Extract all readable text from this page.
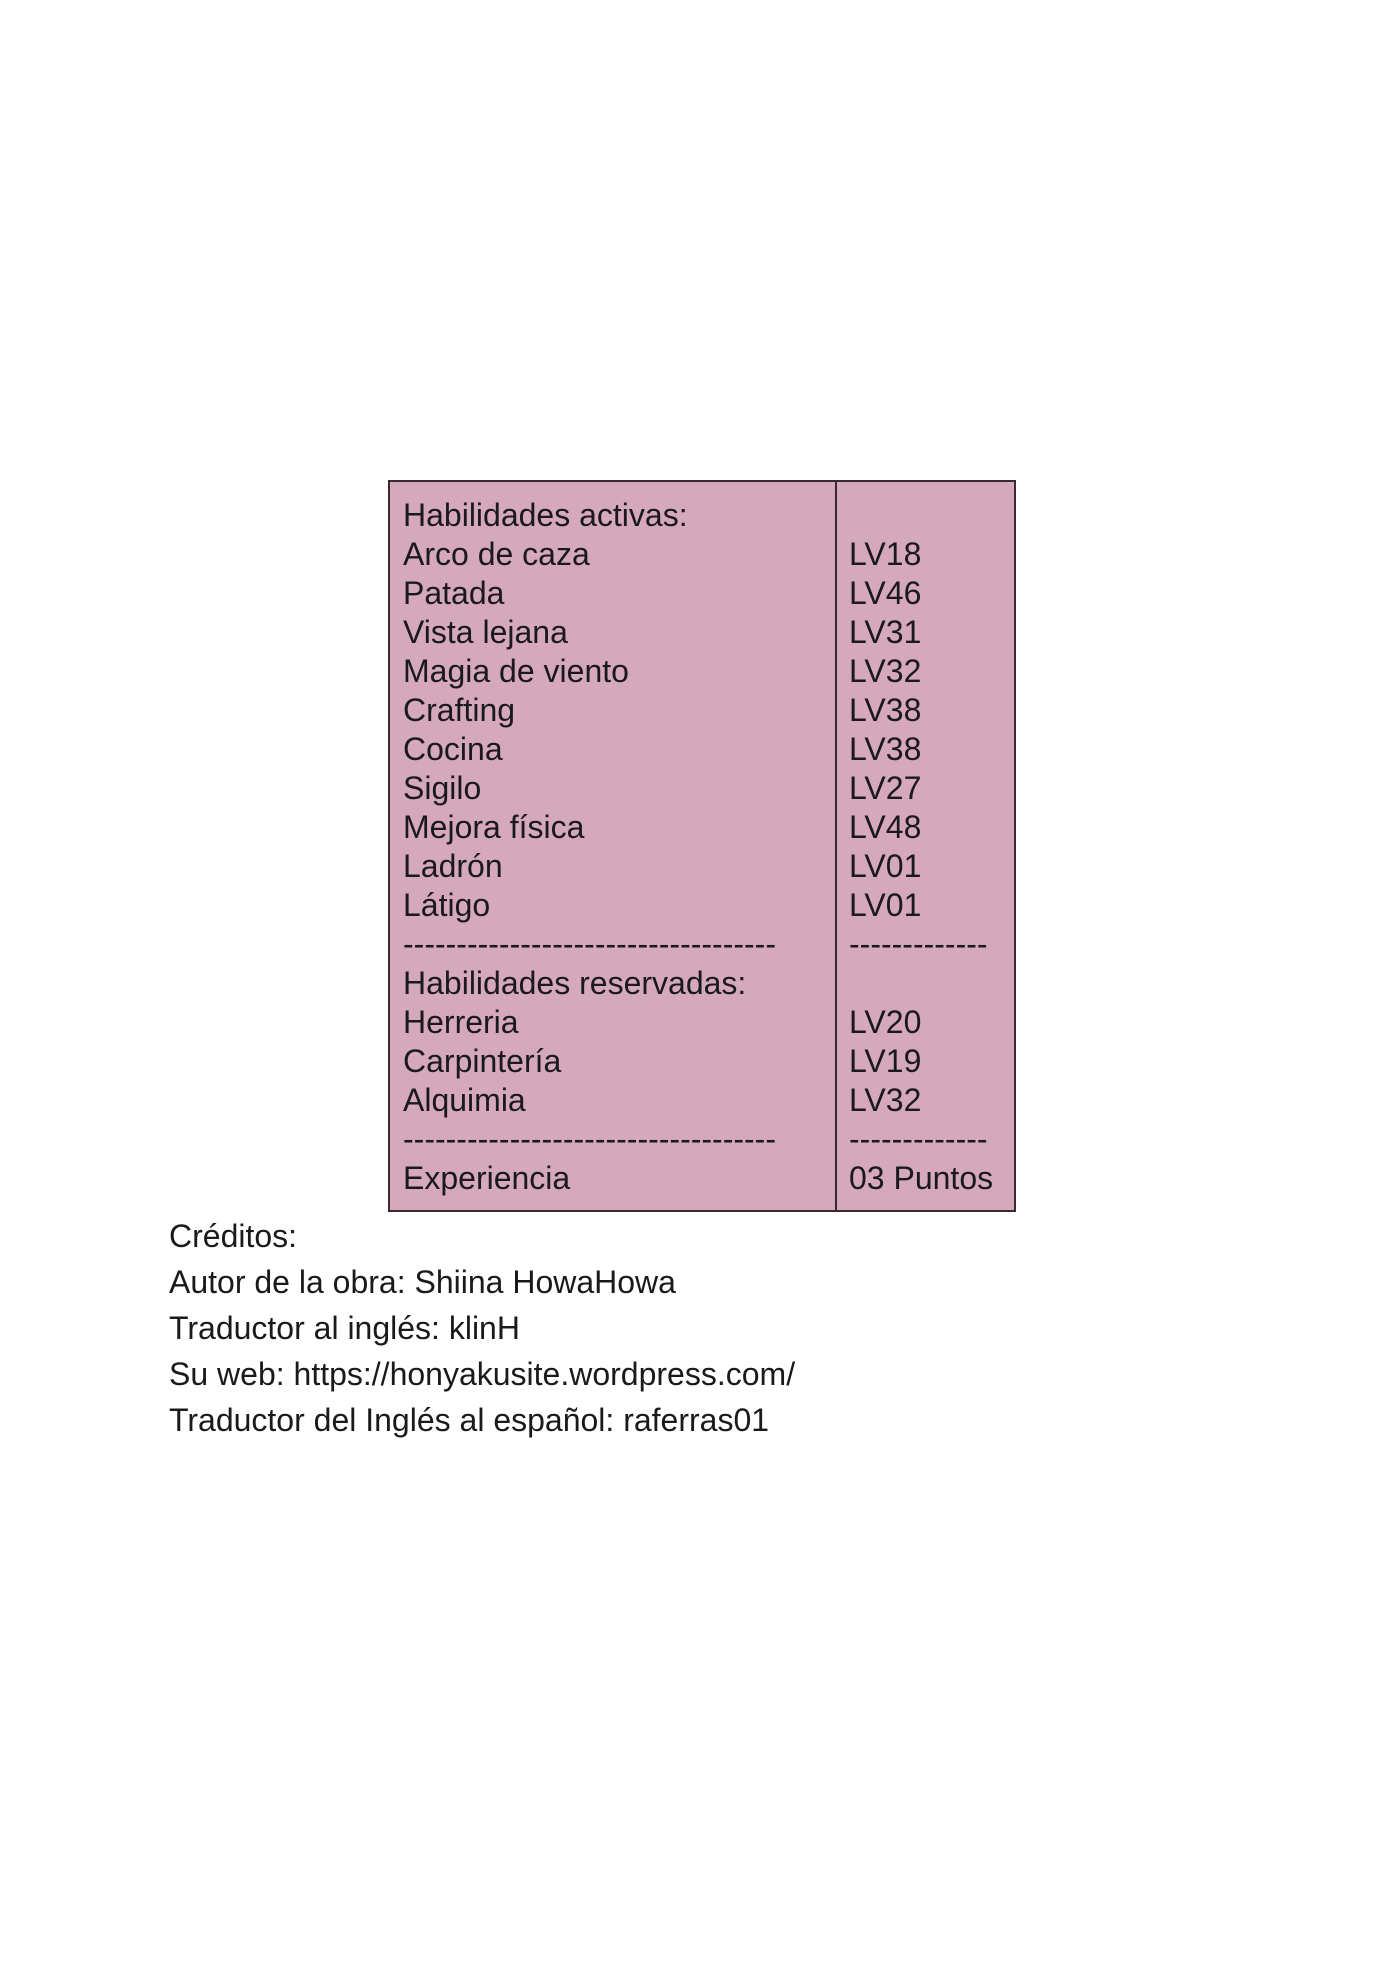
Habilidades activas:
Arco de caza
Patada
Vista lejana
Magia de viento
Crafting
Cocina
Sigilo
Mejora física
Ladrón
Látigo
-----------------------------------
Habilidades reservadas:
Herreria
Carpintería
Alquimia
-----------------------------------
Experiencia
LV18
LV46
LV31
LV32
LV38
LV38
LV27
LV48
LV01
LV01
-------------
LV20
LV19
LV32
-------------
03 Puntos
Créditos:
Autor de la obra: Shiina HowaHowa
Traductor al inglés: klinH
Su web: https://honyakusite.wordpress.com/
Traductor del Inglés al español: raferras01
